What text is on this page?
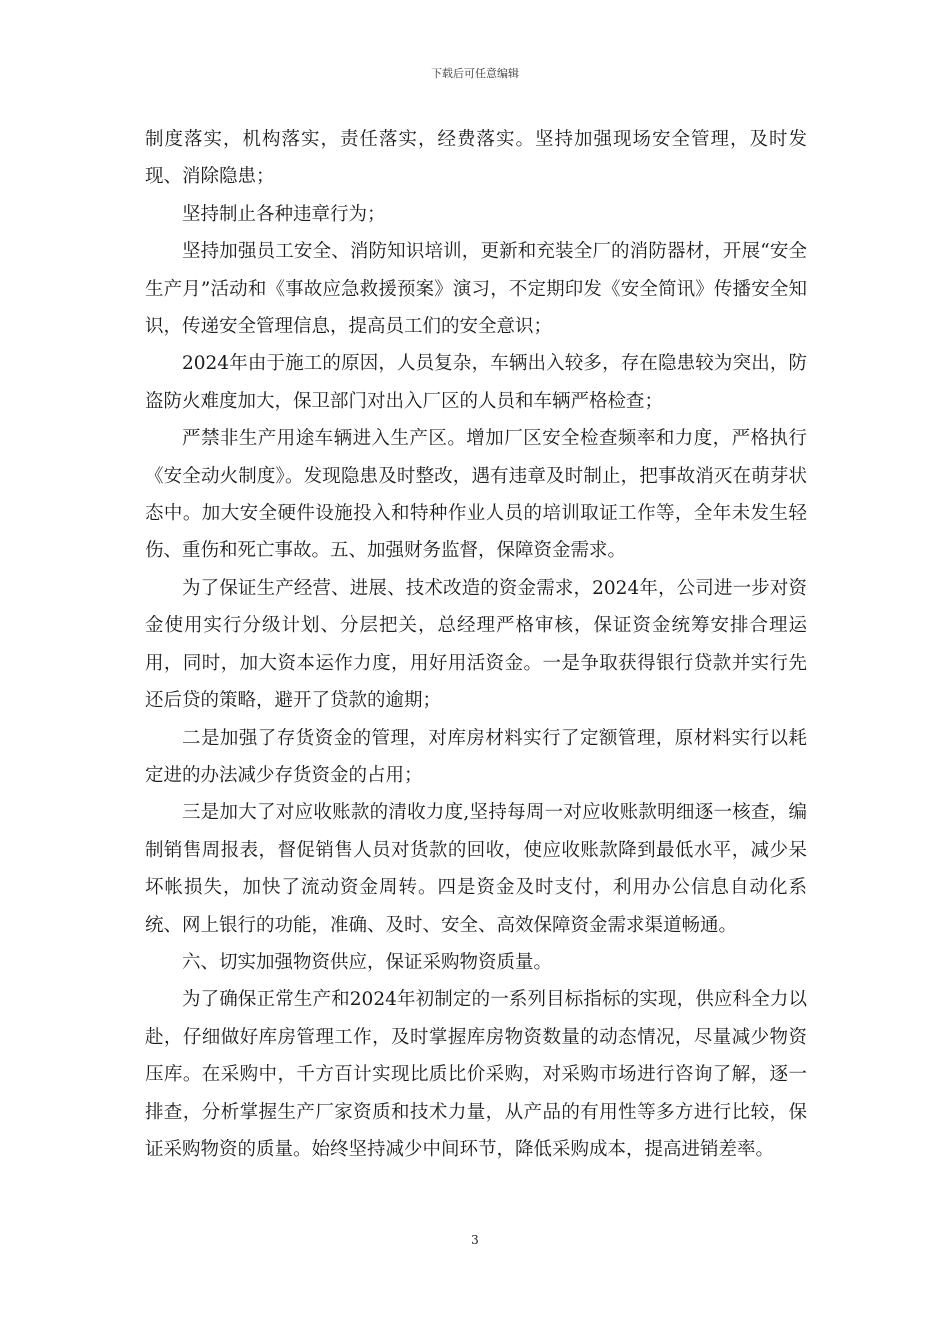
下载后可任意编辑

制度落实，机构落实，责任落实，经费落实。坚持加强现场安全管理，及时发现、消除隐患；

坚持制止各种违章行为；

坚持加强员工安全、消防知识培训，更新和充装全厂的消防器材，开展“安全生产月”活动和《事故应急救援预案》演习，不定期印发《安全简讯》传播安全知识，传递安全管理信息，提高员工们的安全意识；

2024年由于施工的原因，人员复杂，车辆出入较多，存在隐患较为突出，防盗防火难度加大，保卫部门对出入厂区的人员和车辆严格检查；

严禁非生产用途车辆进入生产区。增加厂区安全检查频率和力度，严格执行《安全动火制度》。发现隐患及时整改，遇有违章及时制止，把事故消灭在萌芽状态中。加大安全硬件设施投入和特种作业人员的培训取证工作等，全年未发生轻伤、重伤和死亡事故。五、加强财务监督，保障资金需求。

为了保证生产经营、进展、技术改造的资金需求，2024年，公司进一步对资金使用实行分级计划、分层把关，总经理严格审核，保证资金统筹安排合理运用，同时，加大资本运作力度，用好用活资金。一是争取获得银行贷款并实行先还后贷的策略，避开了贷款的逾期；

二是加强了存货资金的管理，对库房材料实行了定额管理，原材料实行以耗定进的办法减少存货资金的占用；

三是加大了对应收账款的清收力度,坚持每周一对应收账款明细逐一核查，编制销售周报表，督促销售人员对货款的回收，使应收账款降到最低水平，减少呆坏帐损失，加快了流动资金周转。四是资金及时支付，利用办公信息自动化系统、网上银行的功能，准确、及时、安全、高效保障资金需求渠道畅通。

六、切实加强物资供应，保证采购物资质量。

为了确保正常生产和2024年初制定的一系列目标指标的实现，供应科全力以赴，仔细做好库房管理工作，及时掌握库房物资数量的动态情况，尽量减少物资压库。在采购中，千方百计实现比质比价采购，对采购市场进行咨询了解，逐一排查，分析掌握生产厂家资质和技术力量，从产品的有用性等多方进行比较，保证采购物资的质量。始终坚持减少中间环节，降低采购成本，提高进销差率。

3
